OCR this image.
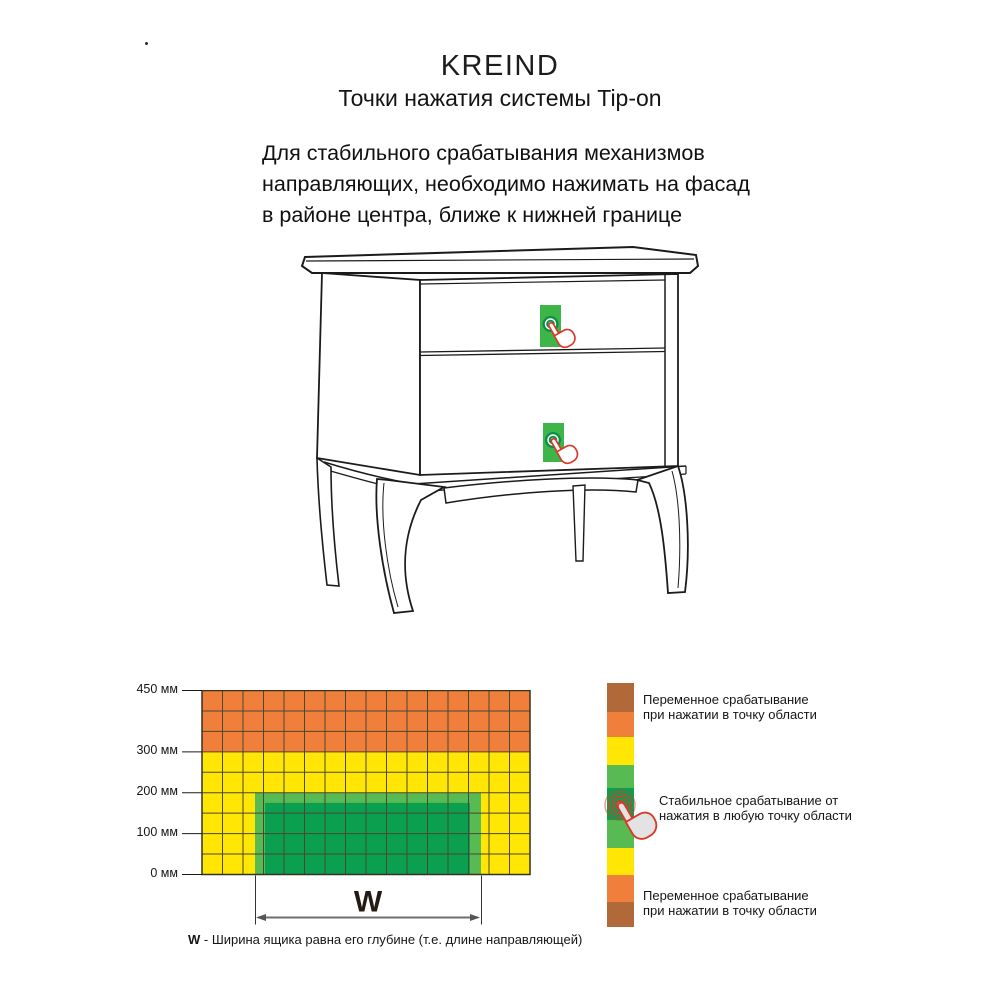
KREIND
Точки нажатия системы Tip-on
Для стабильного срабатывания механизмов
направляющих, необходимо нажимать на фасад
в районе центра, ближе к нижней границе
W
450 мм
300 мм
200 мм
100 мм
0 мм
W - Ширина ящика равна его глубине (т.е. длине направляющей)
Переменное срабатывание
при нажатии в точку области
Стабильное срабатывание от
нажатия в любую точку области
Переменное срабатывание
при нажатии в точку области
